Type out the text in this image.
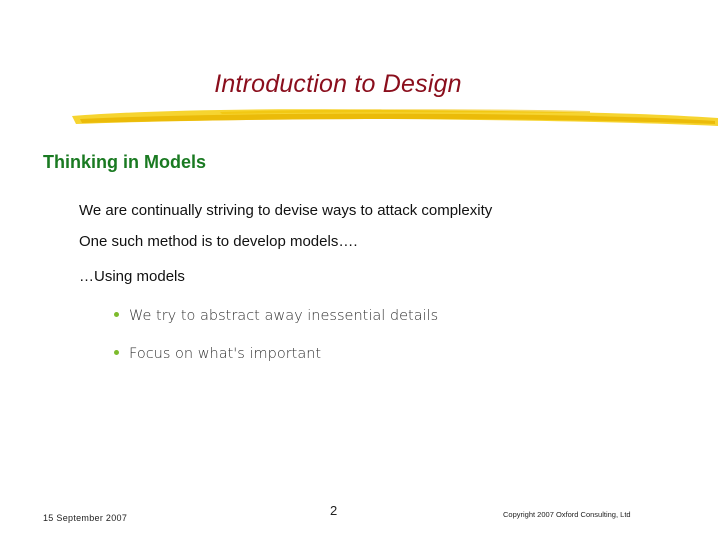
Introduction to Design
Thinking in Models
We are continually striving to devise ways to attack complexity
One such method is to develop models….
…Using models
We try to abstract away inessential details
Focus on what's important
15 September 2007	2	Copyright 2007 Oxford Consulting, Ltd
